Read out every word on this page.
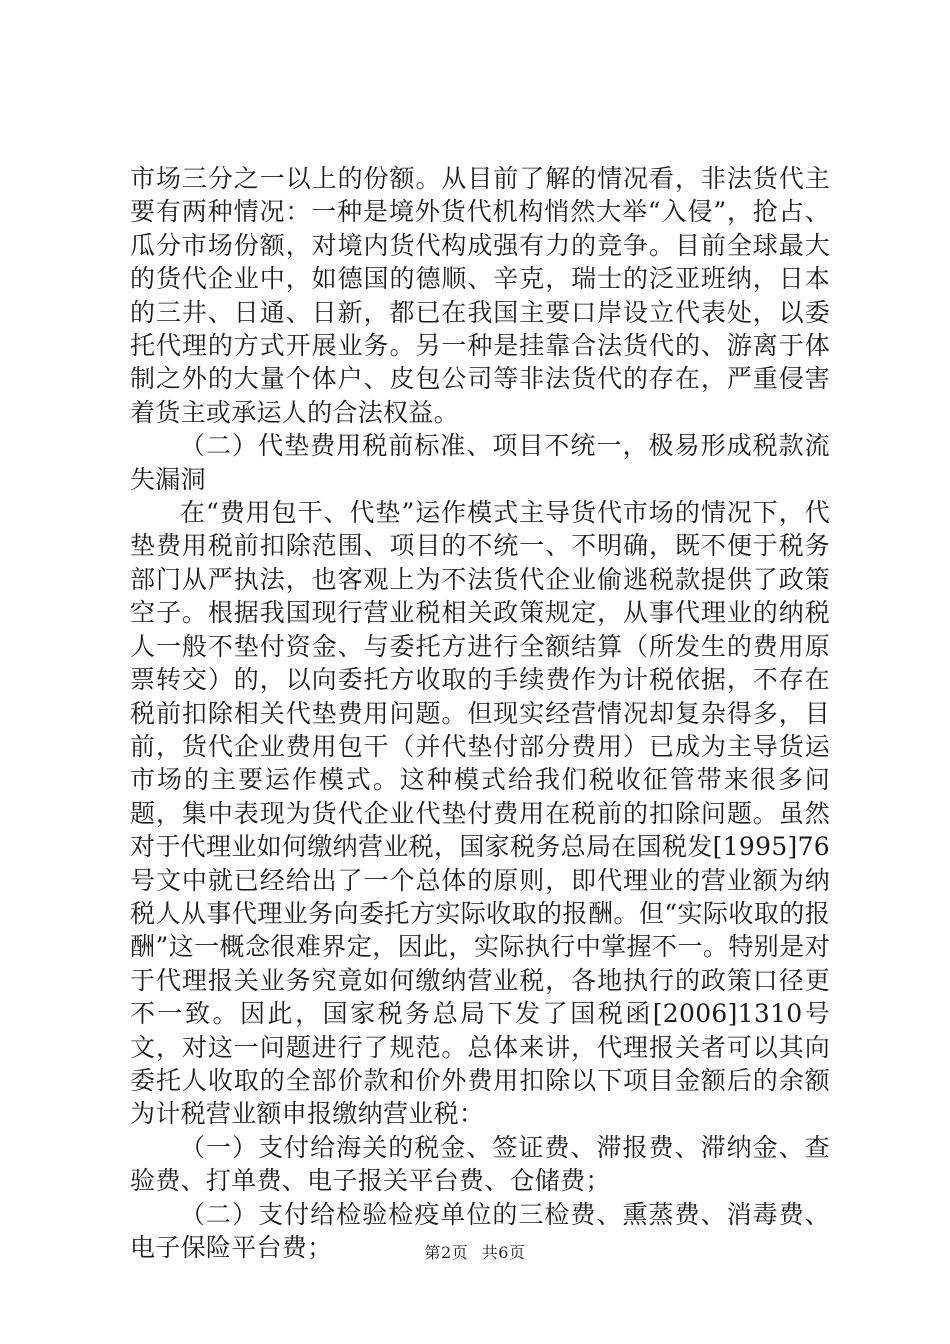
市场三分之一以上的份额。从目前了解的情况看，非法货代主要有两种情况：一种是境外货代机构悄然大举“入侵”，抢占、瓜分市场份额，对境内货代构成强有力的竞争。目前全球最大的货代企业中，如德国的德顺、辛克，瑞士的泛亚班纳，日本的三井、日通、日新，都已在我国主要口岸设立代表处，以委托代理的方式开展业务。另一种是挂靠合法货代的、游离于体制之外的大量个体户、皮包公司等非法货代的存在，严重侵害着货主或承运人的合法权益。

（二）代垫费用税前标准、项目不统一，极易形成税款流失漏洞

在“费用包干、代垫”运作模式主导货代市场的情况下，代垫费用税前扣除范围、项目的不统一、不明确，既不便于税务部门从严执法，也客观上为不法货代企业偷逃税款提供了政策空子。根据我国现行营业税相关政策规定，从事代理业的纳税人一般不垫付资金、与委托方进行全额结算（所发生的费用原票转交）的，以向委托方收取的手续费作为计税依据，不存在税前扣除相关代垫费用问题。但现实经营情况却复杂得多，目前，货代企业费用包干（并代垫付部分费用）已成为主导货运市场的主要运作模式。这种模式给我们税收征管带来很多问题，集中表现为货代企业代垫付费用在税前的扣除问题。虽然对于代理业如何缴纳营业税，国家税务总局在国税发[1995]76号文中就已经给出了一个总体的原则，即代理业的营业额为纳税人从事代理业务向委托方实际收取的报酬。但“实际收取的报酬”这一概念很难界定，因此，实际执行中掌握不一。特别是对于代理报关业务究竟如何缴纳营业税，各地执行的政策口径更不一致。因此，国家税务总局下发了国税函[2006]1310号文，对这一问题进行了规范。总体来讲，代理报关者可以其向委托人收取的全部价款和价外费用扣除以下项目金额后的余额为计税营业额申报缴纳营业税：

（一）支付给海关的税金、签证费、滞报费、滞纳金、查验费、打单费、电子报关平台费、仓储费；

（二）支付给检验检疫单位的三检费、熏蒸费、消毒费、电子保险平台费；	第2页 共6页
